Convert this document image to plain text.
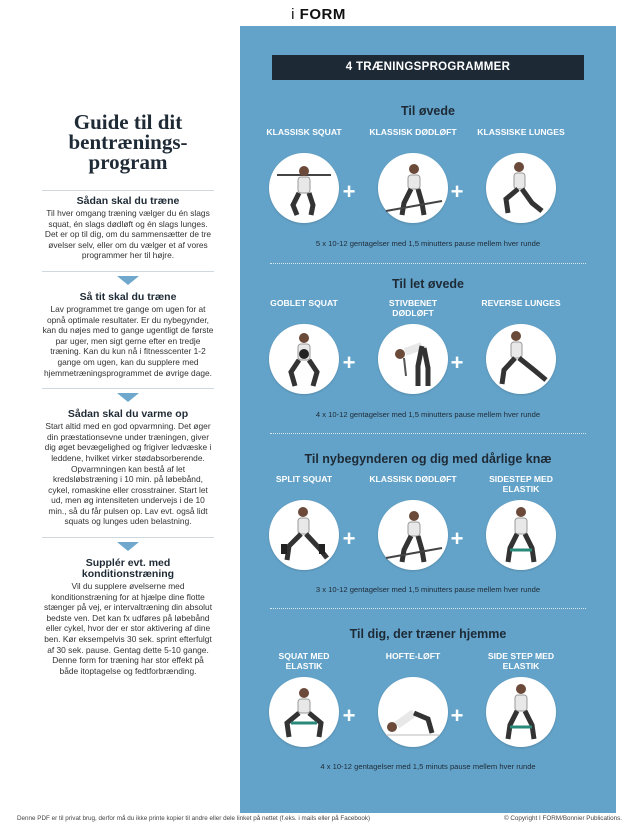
i FORM
Guide til dit
bentrænings-
program

Sådan skal du træne

Til hver omgang træning vælger du én slags squat, én slags dødløft og én slags lunges. Det er op til dig, om du sammensætter de tre øvelser selv, eller om du vælger et af vores programmer her til højre.

Så tit skal du træne

Lav programmet tre gange om ugen for at opnå optimale resultater. Er du nybegynder, kan du nøjes med to gange ugentligt de første par uger, men sigt gerne efter en tredje træning. Kan du kun nå i fitnesscenter 1-2 gange om ugen, kan du supplere med hjemmetræningsprogrammet de øvrige dage.

Sådan skal du varme op

Start altid med en god opvarmning. Det øger din præstationsevne under træningen, giver dig øget bevægelighed og frigiver ledvæske i leddene, hvilket virker stødabsorberende. Opvarmningen kan bestå af let kredsløbstræning i 10 min. på løbebånd, cykel, romaskine eller crosstrainer. Start let ud, men øg intensiteten undervejs i de 10 min., så du får pulsen op. Lav evt. også lidt squats og lunges uden belastning.

Supplér evt. med konditionstræning

Vil du supplere øvelserne med konditionstræning for at hjælpe dine flotte stænger på vej, er intervaltræning din absolut bedste ven. Det kan fx udføres på løbebånd eller cykel, hvor der er stor aktivering af dine ben. Kør eksempelvis 30 sek. sprint efterfulgt af 30 sek. pause. Gentag dette 5-10 gange. Denne form for træning har stor effekt på både itoptagelse og fedtforbrænding.

4 TRÆNINGSPROGRAMMER
Til øvede
KLASSISK SQUAT
+
KLASSISK DØDLØFT
+
KLASSISKE LUNGES
5 x 10-12 gentagelser med 1,5 minutters pause mellem hver runde
Til let øvede
GOBLET SQUAT
+
STIVBENET DØDLØFT
+
REVERSE LUNGES
4 x 10-12 gentagelser med 1,5 minutters pause mellem hver runde
Til nybegynderen og dig med dårlige knæ
SPLIT SQUAT
+
KLASSISK DØDLØFT
+
SIDESTEP MED ELASTIK
3 x 10-12 gentagelser med 1,5 minutters pause mellem hver runde
Til dig, der træner hjemme
SQUAT MED ELASTIK
+
HOFTE-LØFT
+
SIDE STEP MED ELASTIK
4 x 10-12 gentagelser med 1,5 minuts pause mellem hver runde
Denne PDF er til privat brug, derfor må du ikke printe kopier til andre eller dele linket på nettet (f.eks. i mails eller på Facebook)	© Copyright I FORM/Bonnier Publications.
